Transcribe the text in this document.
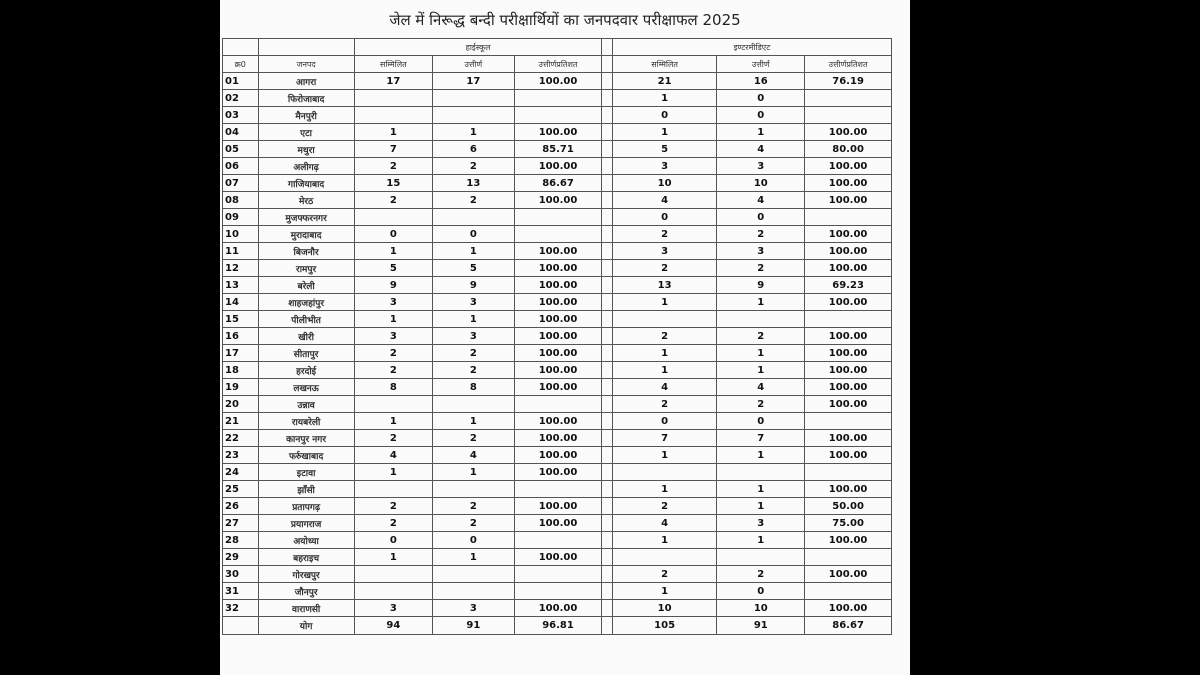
जेल में निरूद्ध बन्दी परीक्षार्थियों का जनपदवार परीक्षाफल 2025
		हाईस्कूल				इण्टरमीडिएट		
क्र0	जनपद	सम्मिलित	उत्तीर्ण	उत्तीर्णप्रतिशत		सम्मिलित	उत्तीर्ण	उत्तीर्णप्रतिशत
01	आगरा	17	17	100.00		21	16	76.19
02	फिरोजाबाद					1	0	
03	मैनपुरी					0	0	
04	एटा	1	1	100.00		1	1	100.00
05	मथुरा	7	6	85.71		5	4	80.00
06	अलीगढ़	2	2	100.00		3	3	100.00
07	गाजियाबाद	15	13	86.67		10	10	100.00
08	मेरठ	2	2	100.00		4	4	100.00
09	मुजफ्फरनगर					0	0	
10	मुरादाबाद	0	0			2	2	100.00
11	बिजनौर	1	1	100.00		3	3	100.00
12	रामपुर	5	5	100.00		2	2	100.00
13	बरेली	9	9	100.00		13	9	69.23
14	शाहजहांपुर	3	3	100.00		1	1	100.00
15	पीलीभीत	1	1	100.00				
16	खीरी	3	3	100.00		2	2	100.00
17	सीतापुर	2	2	100.00		1	1	100.00
18	हरदोई	2	2	100.00		1	1	100.00
19	लखनऊ	8	8	100.00		4	4	100.00
20	उन्नाव					2	2	100.00
21	रायबरेली	1	1	100.00		0	0	
22	कानपुर नगर	2	2	100.00		7	7	100.00
23	फर्रुखाबाद	4	4	100.00		1	1	100.00
24	इटावा	1	1	100.00				
25	झाँसी					1	1	100.00
26	प्रतापगढ़	2	2	100.00		2	1	50.00
27	प्रयागराज	2	2	100.00		4	3	75.00
28	अयोध्या	0	0			1	1	100.00
29	बहराइच	1	1	100.00				
30	गोरखपुर					2	2	100.00
31	जौनपुर					1	0	
32	वाराणसी	3	3	100.00		10	10	100.00
	योग	94	91	96.81		105	91	86.67
